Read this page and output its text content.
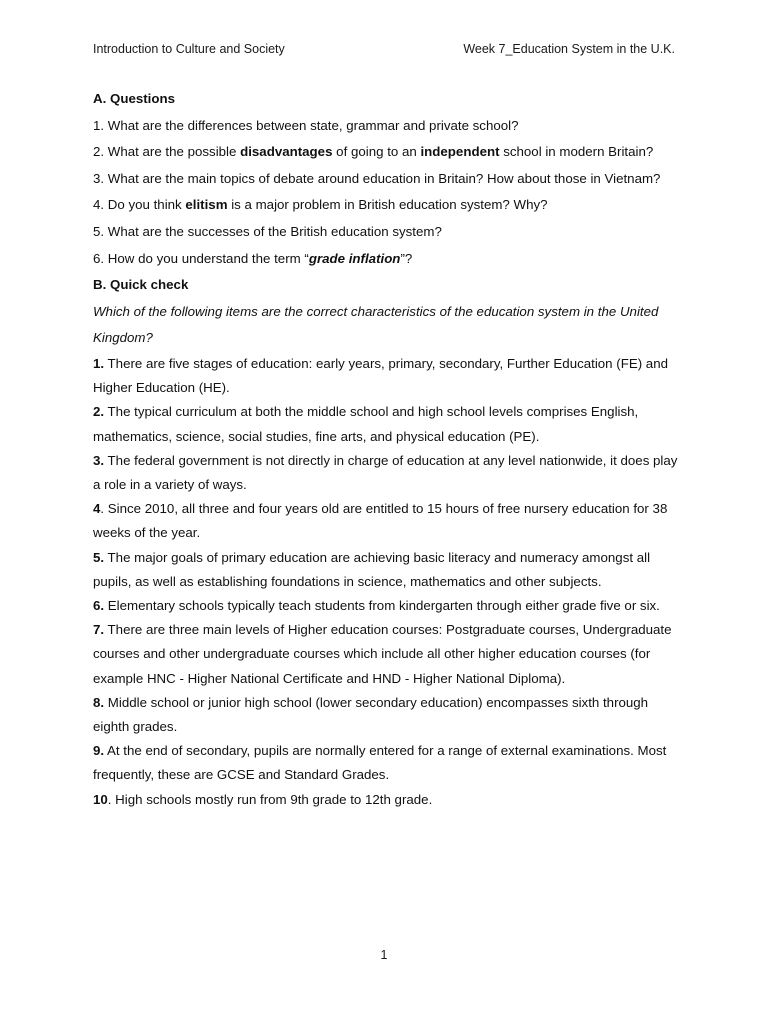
Introduction to Culture and Society	Week 7_Education System in the U.K.

A. Questions

1. What are the differences between state, grammar and private school?

2. What are the possible disadvantages of going to an independent school in modern Britain?

3. What are the main topics of debate around education in Britain? How about those in Vietnam?

4. Do you think elitism is a major problem in British education system? Why?

5. What are the successes of the British education system?

6. How do you understand the term “grade inflation”?

B. Quick check

Which of the following items are the correct characteristics of the education system in the United Kingdom?

1. There are five stages of education: early years, primary, secondary, Further Education (FE) and Higher Education (HE).

2. The typical curriculum at both the middle school and high school levels comprises English, mathematics, science, social studies, fine arts, and physical education (PE).

3. The federal government is not directly in charge of education at any level nationwide, it does play a role in a variety of ways.

4. Since 2010, all three and four years old are entitled to 15 hours of free nursery education for 38 weeks of the year.

5. The major goals of primary education are achieving basic literacy and numeracy amongst all pupils, as well as establishing foundations in science, mathematics and other subjects.

6. Elementary schools typically teach students from kindergarten through either grade five or six.

7. There are three main levels of Higher education courses: Postgraduate courses, Undergraduate courses and other undergraduate courses which include all other higher education courses (for example HNC - Higher National Certificate and HND - Higher National Diploma).

8. Middle school or junior high school (lower secondary education) encompasses sixth through eighth grades.

9. At the end of secondary, pupils are normally entered for a range of external examinations. Most frequently, these are GCSE and Standard Grades.

10. High schools mostly run from 9th grade to 12th grade.

1
